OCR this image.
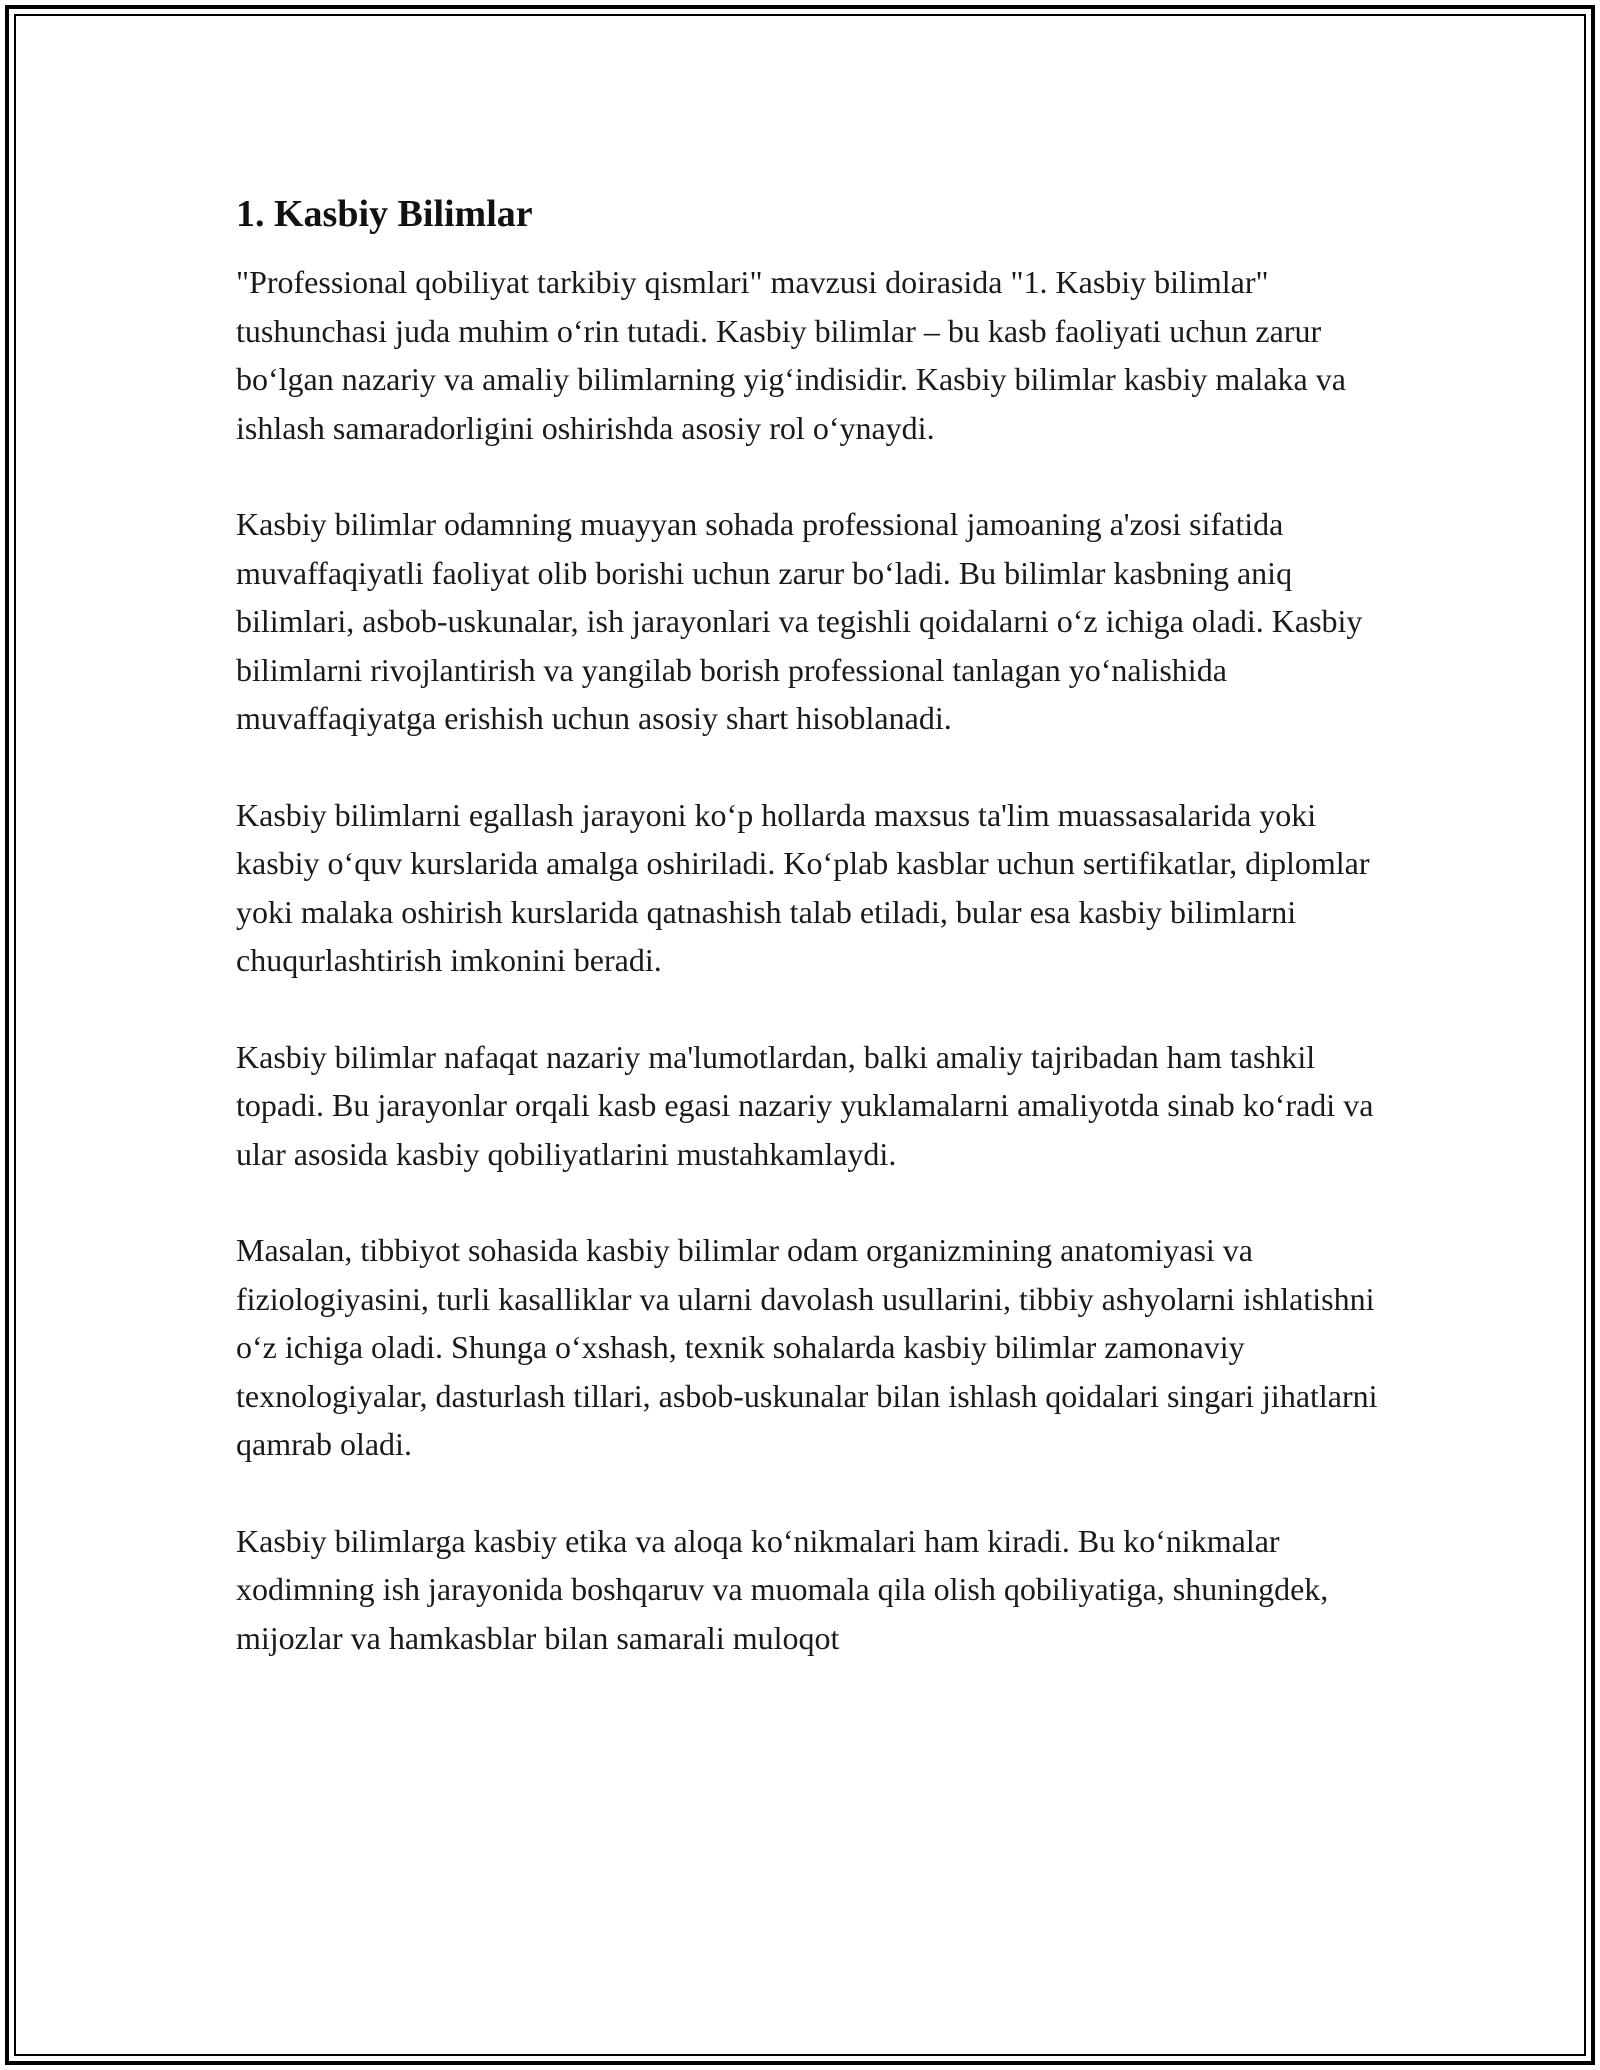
1. Kasbiy Bilimlar

"Professional qobiliyat tarkibiy qismlari" mavzusi doirasida "1. Kasbiy bilimlar" tushunchasi juda muhim o‘rin tutadi. Kasbiy bilimlar – bu kasb faoliyati uchun zarur bo‘lgan nazariy va amaliy bilimlarning yig‘indisidir. Kasbiy bilimlar kasbiy malaka va ishlash samaradorligini oshirishda asosiy rol o‘ynaydi.

Kasbiy bilimlar odamning muayyan sohada professional jamoaning a'zosi sifatida muvaffaqiyatli faoliyat olib borishi uchun zarur bo‘ladi. Bu bilimlar kasbning aniq bilimlari, asbob-uskunalar, ish jarayonlari va tegishli qoidalarni o‘z ichiga oladi. Kasbiy bilimlarni rivojlantirish va yangilab borish professional tanlagan yo‘nalishida muvaffaqiyatga erishish uchun asosiy shart hisoblanadi.

Kasbiy bilimlarni egallash jarayoni ko‘p hollarda maxsus ta'lim muassasalarida yoki kasbiy o‘quv kurslarida amalga oshiriladi. Ko‘plab kasblar uchun sertifikatlar, diplomlar yoki malaka oshirish kurslarida qatnashish talab etiladi, bular esa kasbiy bilimlarni chuqurlashtirish imkonini beradi.

Kasbiy bilimlar nafaqat nazariy ma'lumotlardan, balki amaliy tajribadan ham tashkil topadi. Bu jarayonlar orqali kasb egasi nazariy yuklamalarni amaliyotda sinab ko‘radi va ular asosida kasbiy qobiliyatlarini mustahkamlaydi.

Masalan, tibbiyot sohasida kasbiy bilimlar odam organizmining anatomiyasi va fiziologiyasini, turli kasalliklar va ularni davolash usullarini, tibbiy ashyolarni ishlatishni o‘z ichiga oladi. Shunga o‘xshash, texnik sohalarda kasbiy bilimlar zamonaviy texnologiyalar, dasturlash tillari, asbob-uskunalar bilan ishlash qoidalari singari jihatlarni qamrab oladi.

Kasbiy bilimlarga kasbiy etika va aloqa ko‘nikmalari ham kiradi. Bu ko‘nikmalar xodimning ish jarayonida boshqaruv va muomala qila olish qobiliyatiga, shuningdek, mijozlar va hamkasblar bilan samarali muloqot
